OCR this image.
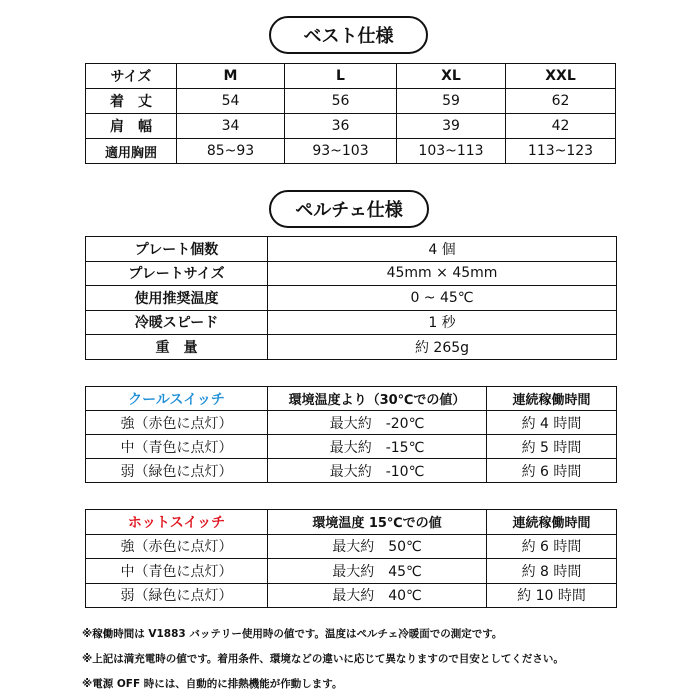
ベスト仕様
サイズ	M	L	XL	XXL
着　丈	54	56	59	62
肩　幅	34	36	39	42
適用胸囲	85~93	93~103	103~113	113~123
ペルチェ仕様
プレート個数	4 個
プレートサイズ	45mm × 45mm
使用推奨温度	0 ~ 45℃
冷暖スピード	1 秒
重　量	約 265g
クールスイッチ	環境温度より（30℃での値）	連続稼働時間
強（赤色に点灯）	最大約　-20℃	約 4 時間
中（青色に点灯）	最大約　-15℃	約 5 時間
弱（緑色に点灯）	最大約　-10℃	約 6 時間
ホットスイッチ	環境温度 15℃での値	連続稼働時間
強（赤色に点灯）	最大約　50℃	約 6 時間
中（青色に点灯）	最大約　45℃	約 8 時間
弱（緑色に点灯）	最大約　40℃	約 10 時間
※稼働時間は V1883 バッテリー使用時の値です。温度はペルチェ冷暖面での測定です。
※上記は満充電時の値です。着用条件、環境などの違いに応じて異なりますので目安としてください。
※電源 OFF 時には、自動的に排熱機能が作動します。
